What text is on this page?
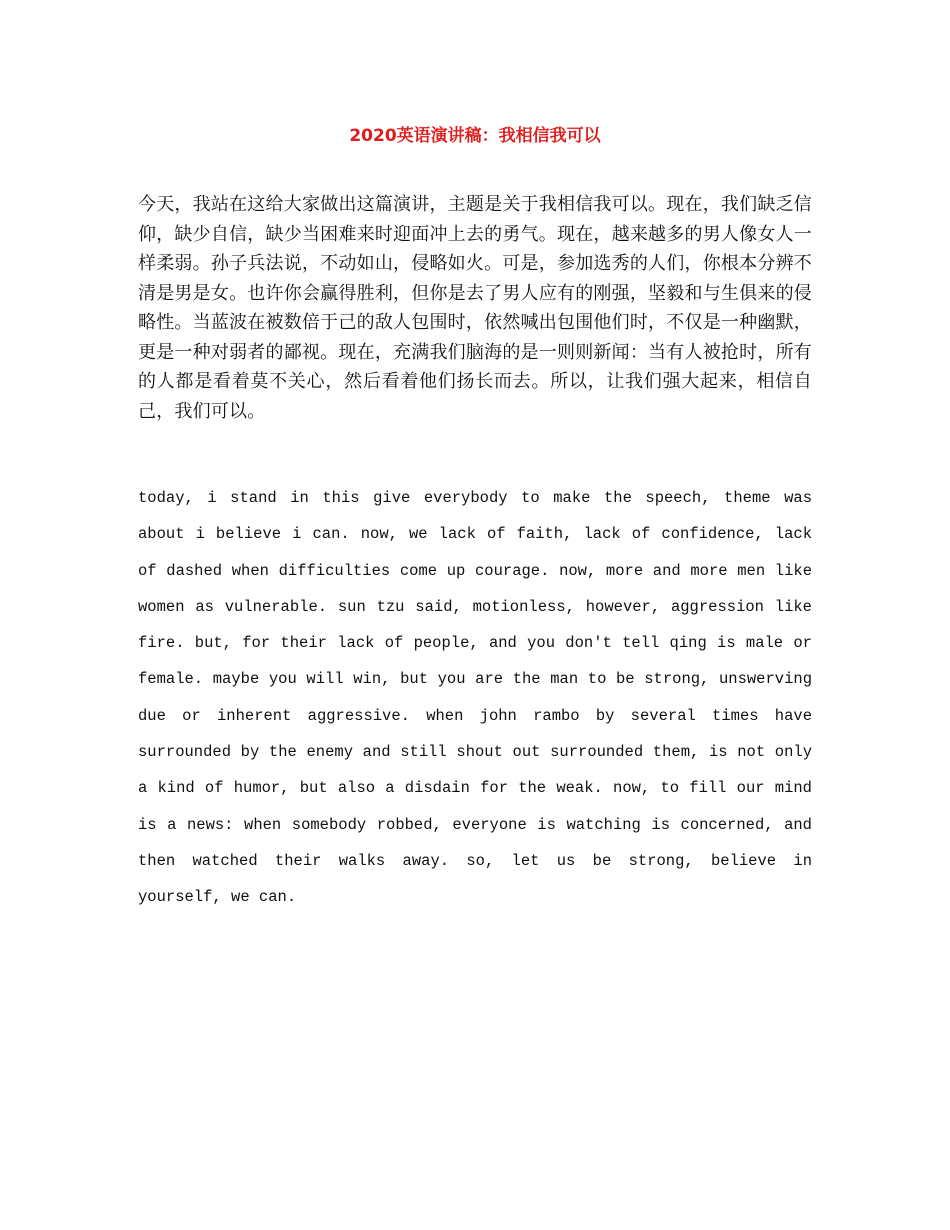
2020英语演讲稿：我相信我可以

今天，我站在这给大家做出这篇演讲，主题是关于我相信我可以。现在，我们缺乏信仰，缺少自信，缺少当困难来时迎面冲上去的勇气。现在，越来越多的男人像女人一样柔弱。孙子兵法说，不动如山，侵略如火。可是，参加选秀的人们，你根本分辨不清是男是女。也许你会赢得胜利，但你是去了男人应有的刚强，坚毅和与生俱来的侵略性。当蓝波在被数倍于己的敌人包围时，依然喊出包围他们时，不仅是一种幽默，更是一种对弱者的鄙视。现在，充满我们脑海的是一则则新闻：当有人被抢时，所有的人都是看着莫不关心，然后看着他们扬长而去。所以，让我们强大起来，相信自己，我们可以。

today, i stand in this give everybody to make the speech, theme was about i believe i can. now, we lack of faith, lack of confidence, lack of dashed when difficulties come up courage. now, more and more men like women as vulnerable. sun tzu said, motionless, however, aggression like fire. but, for their lack of people, and you don't tell qing is male or female. maybe you will win, but you are the man to be strong, unswerving due or inherent aggressive. when john rambo by several times have surrounded by the enemy and still shout out surrounded them, is not only a kind of humor, but also a disdain for the weak. now, to fill our mind is a news: when somebody robbed, everyone is watching is concerned, and then watched their walks away. so, let us be strong, believe in yourself, we can.
